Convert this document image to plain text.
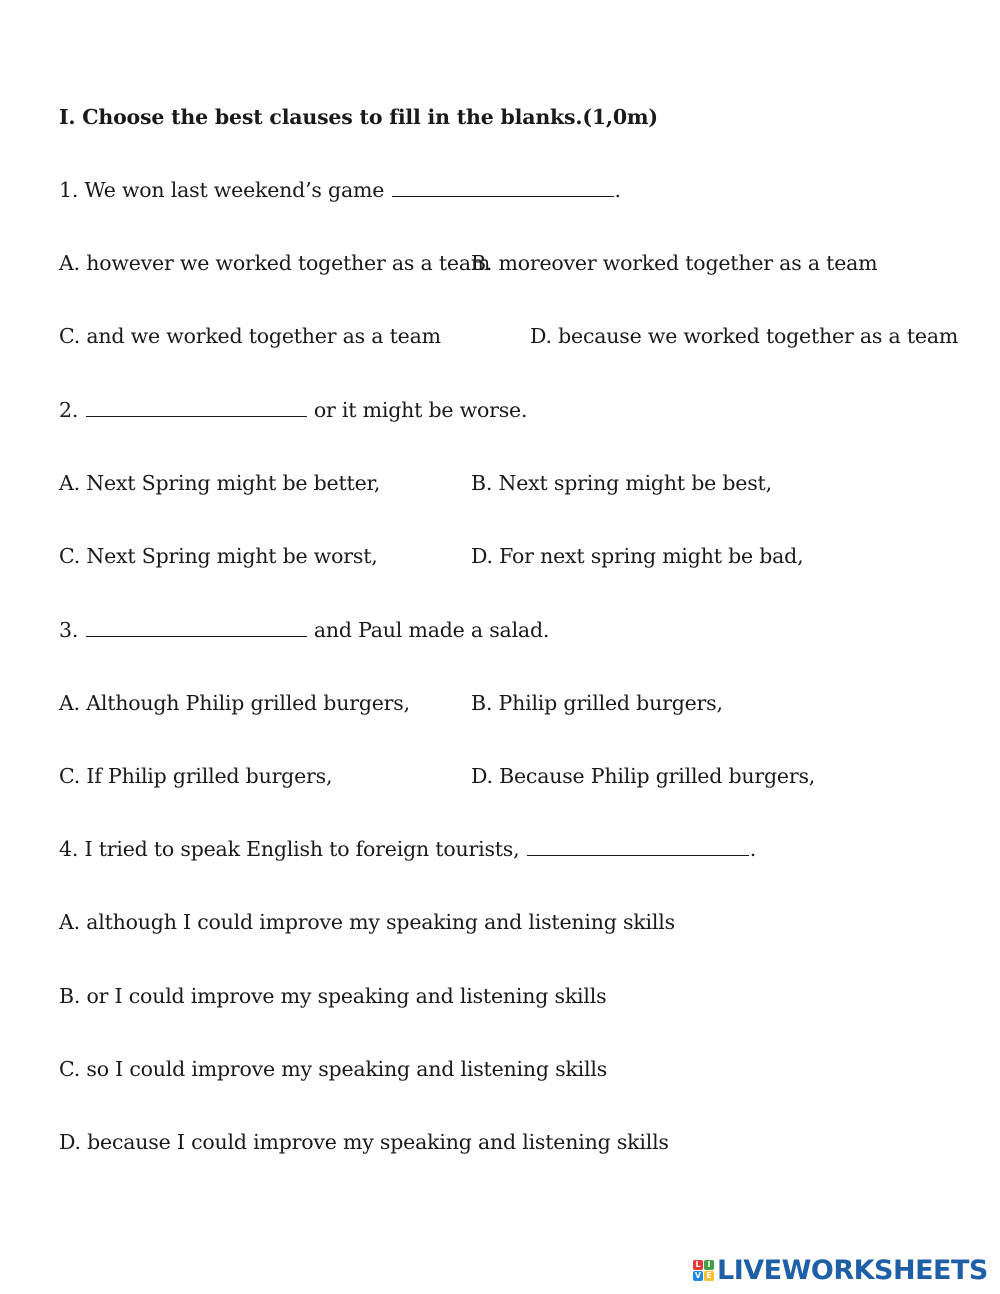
I. Choose the best clauses to fill in the blanks.(1,0m)
1. We won last weekend’s game	.
A. however we worked together as a team
B. moreover worked together as a team
C. and we worked together as a team	D. because we worked together as a team
2.	or it might be worse.
A. Next Spring might be better,	B. Next spring might be best,
C. Next Spring might be worst,	D. For next spring might be bad,
3.	and Paul made a salad.
A. Although Philip grilled burgers,	B. Philip grilled burgers,
C. If Philip grilled burgers,	D. Because Philip grilled burgers,
4. I tried to speak English to foreign tourists,	.
A. although I could improve my speaking and listening skills
B. or I could improve my speaking and listening skills
C. so I could improve my speaking and listening skills
D. because I could improve my speaking and listening skills
L I
V E LIVEWORKSHEETS
